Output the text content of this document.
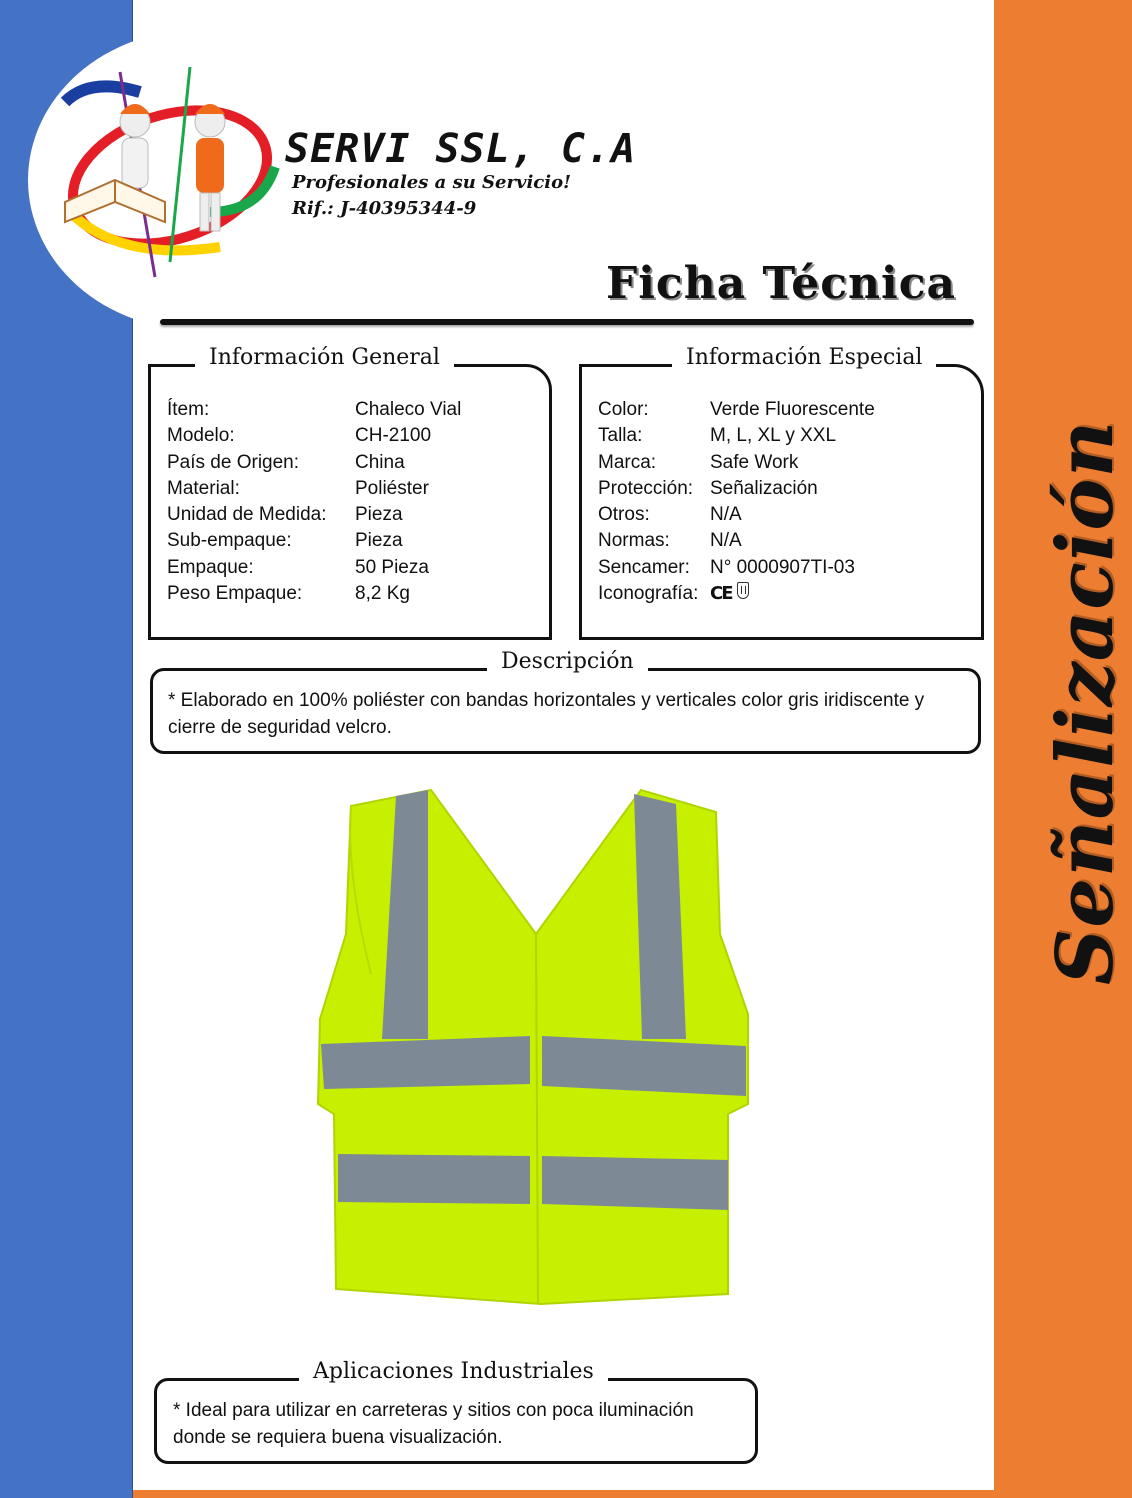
SERVI SSL, C.A
Profesionales a su Servicio!
Rif.: J-40395344-9
Ficha Técnica
Información General
Ítem:	Chaleco Vial
Modelo:	CH-2100
País de Origen:	China
Material:	Poliéster
Unidad de Medida:	Pieza
Sub-empaque:	Pieza
Empaque:	50 Pieza
Peso Empaque:	8,2 Kg
Información Especial
Color:	Verde Fluorescente
Talla:	M, L, XL y XXL
Marca:	Safe Work
Protección: Señalización
Otros:	N/A
Normas:	N/A
Sencamer:	N° 0000907TI-03
Iconografía: CE
Descripción
* Elaborado en 100% poliéster con bandas horizontales y verticales color gris iridiscente y
cierre de seguridad velcro.
Aplicaciones Industriales
* Ideal para utilizar en carreteras y sitios con poca iluminación
donde se requiera buena visualización.
Señalización
